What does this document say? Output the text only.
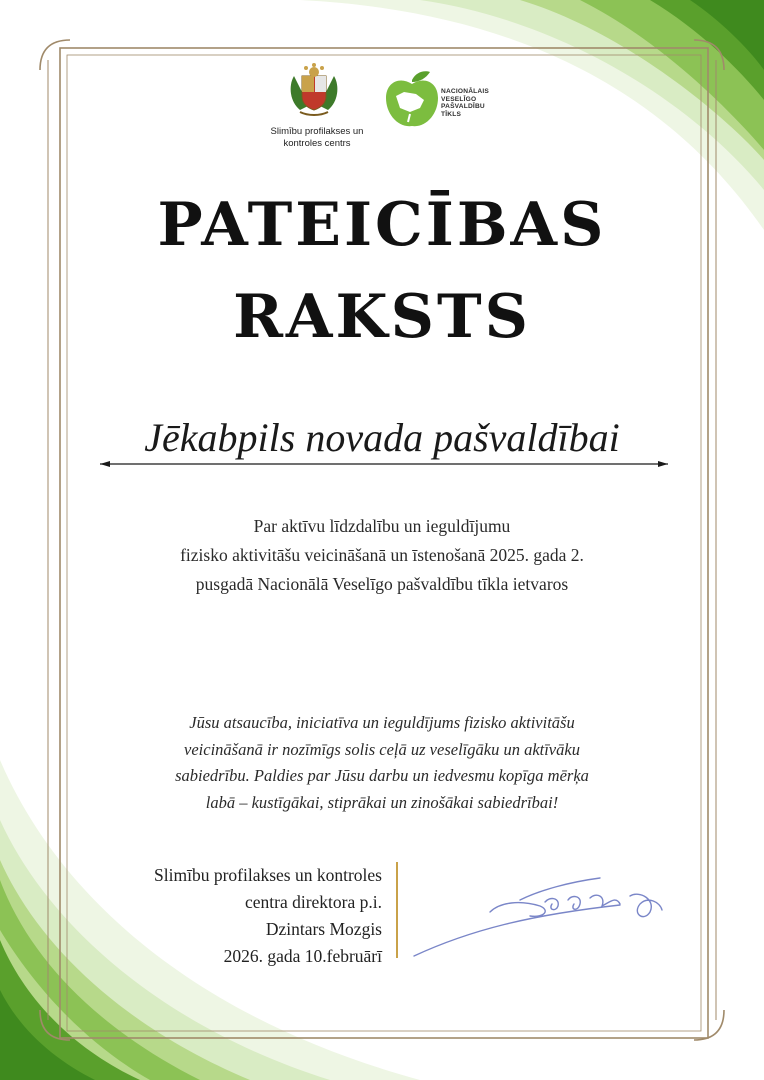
Slimību profilakses un
kontroles centrs
NACIONĀLAIS
VESELĪGO
PAŠVALDĪBU
TĪKLS
PATEICĪBAS
RAKSTS
Jēkabpils novada pašvaldībai
Par aktīvu līdzdalību un ieguldījumu
fizisko aktivitāšu veicināšanā un īstenošanā 2025. gada 2.
pusgadā Nacionālā Veselīgo pašvaldību tīkla ietvaros
Jūsu atsaucība, iniciatīva un ieguldījums fizisko aktivitāšu
veicināšanā ir nozīmīgs solis ceļā uz veselīgāku un aktīvāku
sabiedrību. Paldies par Jūsu darbu un iedvesmu kopīga mērķa
labā – kustīgākai, stiprākai un zinošākai sabiedrībai!
Slimību profilakses un kontroles
centra direktora p.i.
Dzintars Mozgis
2026. gada 10.februārī
